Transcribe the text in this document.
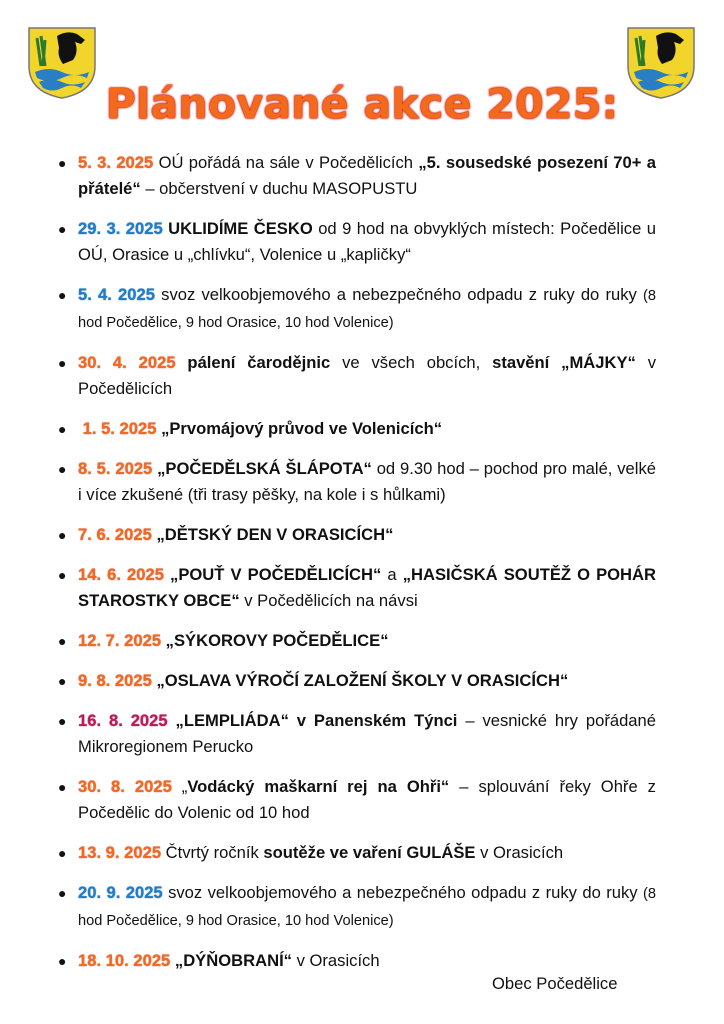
Plánované akce 2025:
● 5. 3. 2025 OÚ pořádá na sále v Počedělicích „5. sousedské posezení 70+ a přátelé“ – občerstvení v duchu MASOPUSTU
● 29. 3. 2025 UKLIDÍME ČESKO od 9 hod na obvyklých místech: Počedělice u OÚ, Orasice u „chlívku“, Volenice u „kapličky“
● 5. 4. 2025 svoz velkoobjemového a nebezpečného odpadu z ruky do ruky (8 hod Počedělice, 9 hod Orasice, 10 hod Volenice)
● 30. 4. 2025 pálení čarodějnic ve všech obcích, stavění „MÁJKY“ v Počedělicích
● 1. 5. 2025 „Prvomájový průvod ve Volenicích“
● 8. 5. 2025 „POČEDĚLSKÁ ŠLÁPOTA“ od 9.30 hod – pochod pro malé, velké i více zkušené (tři trasy pěšky, na kole i s hůlkami)
● 7. 6. 2025 „DĚTSKÝ DEN V ORASICÍCH“
● 14. 6. 2025 „POUŤ V POČEDĚLICÍCH“ a „HASIČSKÁ SOUTĚŽ O POHÁR STAROSTKY OBCE“ v Počedělicích na návsi
● 12. 7. 2025 „SÝKOROVY POČEDĚLICE“
● 9. 8. 2025 „OSLAVA VÝROČÍ ZALOŽENÍ ŠKOLY V ORASICÍCH“
● 16. 8. 2025 „LEMPLIÁDA“ v Panenském Týnci – vesnické hry pořádané Mikroregionem Perucko
● 30. 8. 2025 „Vodácký maškarní rej na Ohři“ – splouvání řeky Ohře z Počedělic do Volenic od 10 hod
● 13. 9. 2025 Čtvrtý ročník soutěže ve vaření GULÁŠE v Orasicích
● 20. 9. 2025 svoz velkoobjemového a nebezpečného odpadu z ruky do ruky (8 hod Počedělice, 9 hod Orasice, 10 hod Volenice)
● 18. 10. 2025 „DÝŇOBRANÍ“ v Orasicích
Obec Počedělice
